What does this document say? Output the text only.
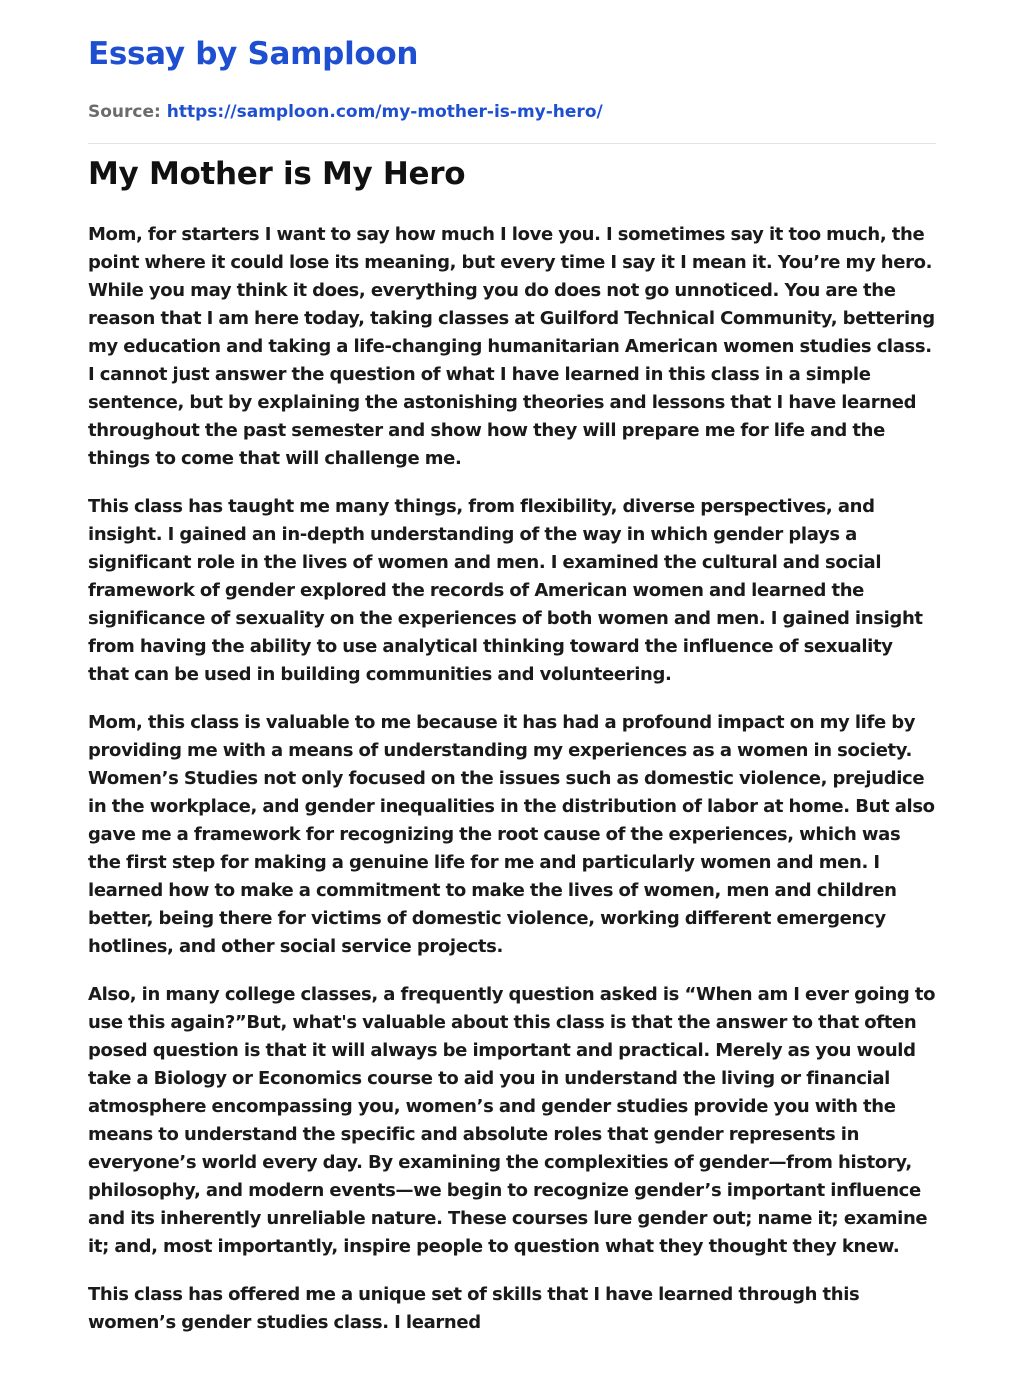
Essay by Samploon
Source: https://samploon.com/my-mother-is-my-hero/
My Mother is My Hero

Mom, for starters I want to say how much I love you. I sometimes say it too much, the point where it could lose its meaning, but every time I say it I mean it. You’re my hero. While you may think it does, everything you do does not go unnoticed. You are the reason that I am here today, taking classes at Guilford Technical Community, bettering my education and taking a life-changing humanitarian American women studies class. I cannot just answer the question of what I have learned in this class in a simple sentence, but by explaining the astonishing theories and lessons that I have learned throughout the past semester and show how they will prepare me for life and the things to come that will challenge me.

This class has taught me many things, from flexibility, diverse perspectives, and insight. I gained an in-depth understanding of the way in which gender plays a significant role in the lives of women and men. I examined the cultural and social framework of gender explored the records of American women and learned the significance of sexuality on the experiences of both women and men. I gained insight from having the ability to use analytical thinking toward the influence of sexuality that can be used in building communities and volunteering.

Mom, this class is valuable to me because it has had a profound impact on my life by providing me with a means of understanding my experiences as a women in society. Women’s Studies not only focused on the issues such as domestic violence, prejudice in the workplace, and gender inequalities in the distribution of labor at home. But also gave me a framework for recognizing the root cause of the experiences, which was the first step for making a genuine life for me and particularly women and men. I learned how to make a commitment to make the lives of women, men and children better, being there for victims of domestic violence, working different emergency hotlines, and other social service projects.

Also, in many college classes, a frequently question asked is “When am I ever going to use this again?”But, what's valuable about this class is that the answer to that often posed question is that it will always be important and practical. Merely as you would take a Biology or Economics course to aid you in understand the living or financial atmosphere encompassing you, women’s and gender studies provide you with the means to understand the specific and absolute roles that gender represents in everyone’s world every day. By examining the complexities of gender—from history, philosophy, and modern events—we begin to recognize gender’s important influence and its inherently unreliable nature. These courses lure gender out; name it; examine it; and, most importantly, inspire people to question what they thought they knew.

This class has offered me a unique set of skills that I have learned through this women’s gender studies class. I learned
